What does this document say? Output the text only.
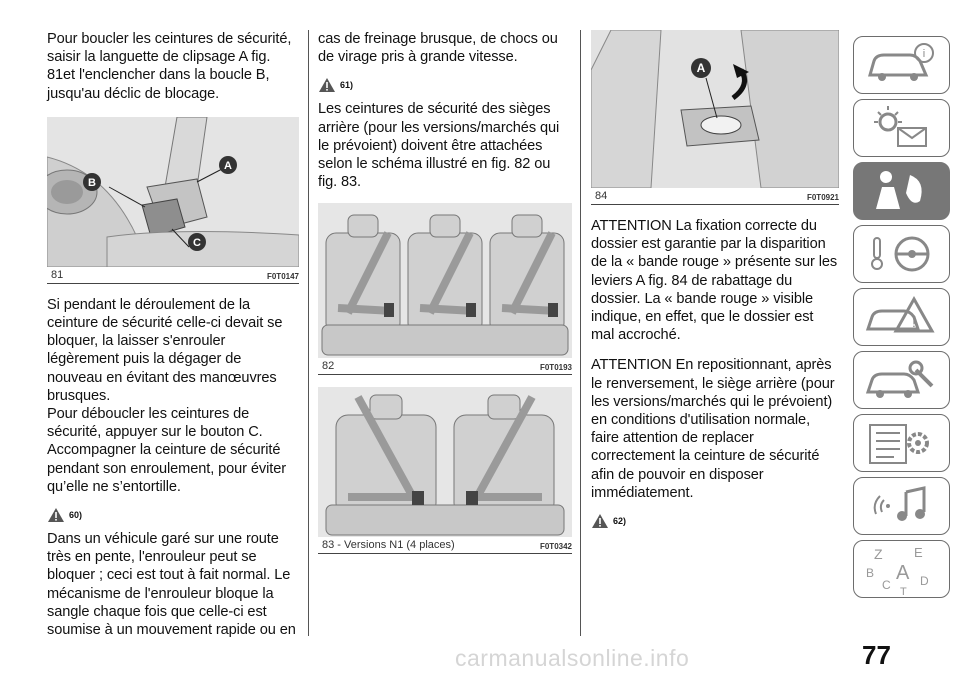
Pour boucler les ceintures de sécurité, saisir la languette de clipsage A fig. 81et l'enclencher dans la boucle B, jusqu'au déclic de blocage.

A
B
C
81	F0T0147

Si pendant le déroulement de la ceinture de sécurité celle-ci devait se bloquer, la laisser s'enrouler légèrement puis la dégager de nouveau en évitant des manœuvres brusques.

Pour déboucler les ceintures de sécurité, appuyer sur le bouton C. Accompagner la ceinture de sécurité pendant son enroulement, pour éviter qu’elle ne s’entortille.

60)

Dans un véhicule garé sur une route très en pente, l'enrouleur peut se bloquer ; ceci est tout à fait normal. Le mécanisme de l'enrouleur bloque la sangle chaque fois que celle-ci est soumise à un mouvement rapide ou en

cas de freinage brusque, de chocs ou de virage pris à grande vitesse.

61)

Les ceintures de sécurité des sièges arrière (pour les versions/marchés qui le prévoient) doivent être attachées selon le schéma illustré en fig. 82 ou fig. 83.

82	F0T0193
83 - Versions N1 (4 places)	F0T0342
A
84	F0T0921

ATTENTION La fixation correcte du dossier est garantie par la disparition de la « bande rouge » présente sur les leviers A fig. 84 de rabattage du dossier. La « bande rouge » visible indique, en effet, que le dossier est mal accroché.

ATTENTION En repositionnant, après le renversement, le siège arrière (pour les versions/marchés qui le prévoient) en conditions d'utilisation normale, faire attention de replacer correctement la ceinture de sécurité afin de pouvoir en disposer immédiatement.

62)
i
!
Z E
B A
C D
T
77
carmanualsonline.info
